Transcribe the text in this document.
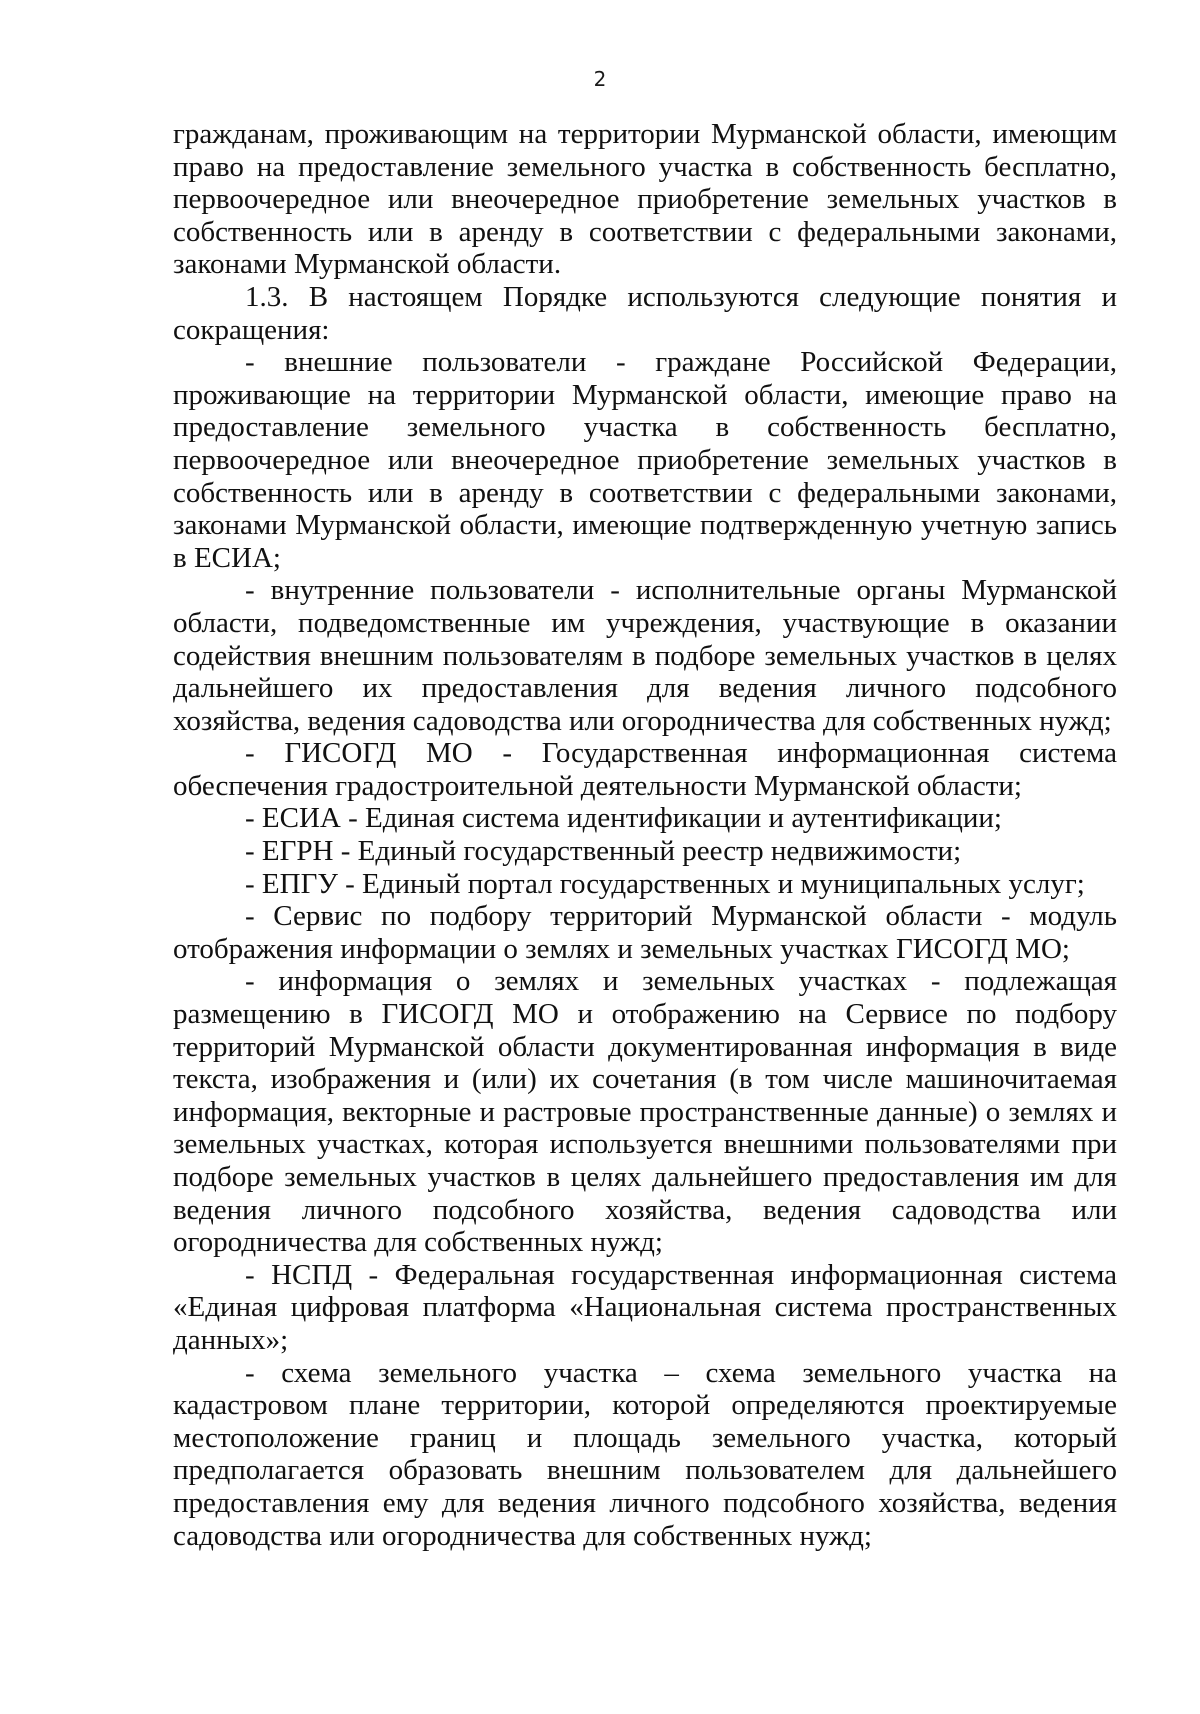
2

гражданам, проживающим на территории Мурманской области, имеющим право на предоставление земельного участка в собственность бесплатно, первоочередное или внеочередное приобретение земельных участков в собственность или в аренду в соответствии с федеральными законами, законами Мурманской области.

1.3. В настоящем Порядке используются следующие понятия и сокращения:

- внешние пользователи - граждане Российской Федерации, проживающие на территории Мурманской области, имеющие право на предоставление земельного участка в собственность бесплатно, первоочередное или внеочередное приобретение земельных участков в собственность или в аренду в соответствии с федеральными законами, законами Мурманской области, имеющие подтвержденную учетную запись в ЕСИА;

- внутренние пользователи - исполнительные органы Мурманской области, подведомственные им учреждения, участвующие в оказании содействия внешним пользователям в подборе земельных участков в целях дальнейшего их предоставления для ведения личного подсобного хозяйства, ведения садоводства или огородничества для собственных нужд;

- ГИСОГД МО - Государственная информационная система обеспечения градостроительной деятельности Мурманской области;

- ЕСИА - Единая система идентификации и аутентификации;

- ЕГРН - Единый государственный реестр недвижимости;

- ЕПГУ - Единый портал государственных и муниципальных услуг;

- Сервис по подбору территорий Мурманской области - модуль отображения информации о землях и земельных участках ГИСОГД МО;

- информация о землях и земельных участках - подлежащая размещению в ГИСОГД МО и отображению на Сервисе по подбору территорий Мурманской области документированная информация в виде текста, изображения и (или) их сочетания (в том числе машиночитаемая информация, векторные и растровые пространственные данные) о землях и земельных участках, которая используется внешними пользователями при подборе земельных участков в целях дальнейшего предоставления им для ведения личного подсобного хозяйства, ведения садоводства или огородничества для собственных нужд;

- НСПД - Федеральная государственная информационная система «Единая цифровая платформа «Национальная система пространственных данных»;

- схема земельного участка – схема земельного участка на кадастровом плане территории, которой определяются проектируемые местоположение границ и площадь земельного участка, который предполагается образовать внешним пользователем для дальнейшего предоставления ему для ведения личного подсобного хозяйства, ведения садоводства или огородничества для собственных нужд;
